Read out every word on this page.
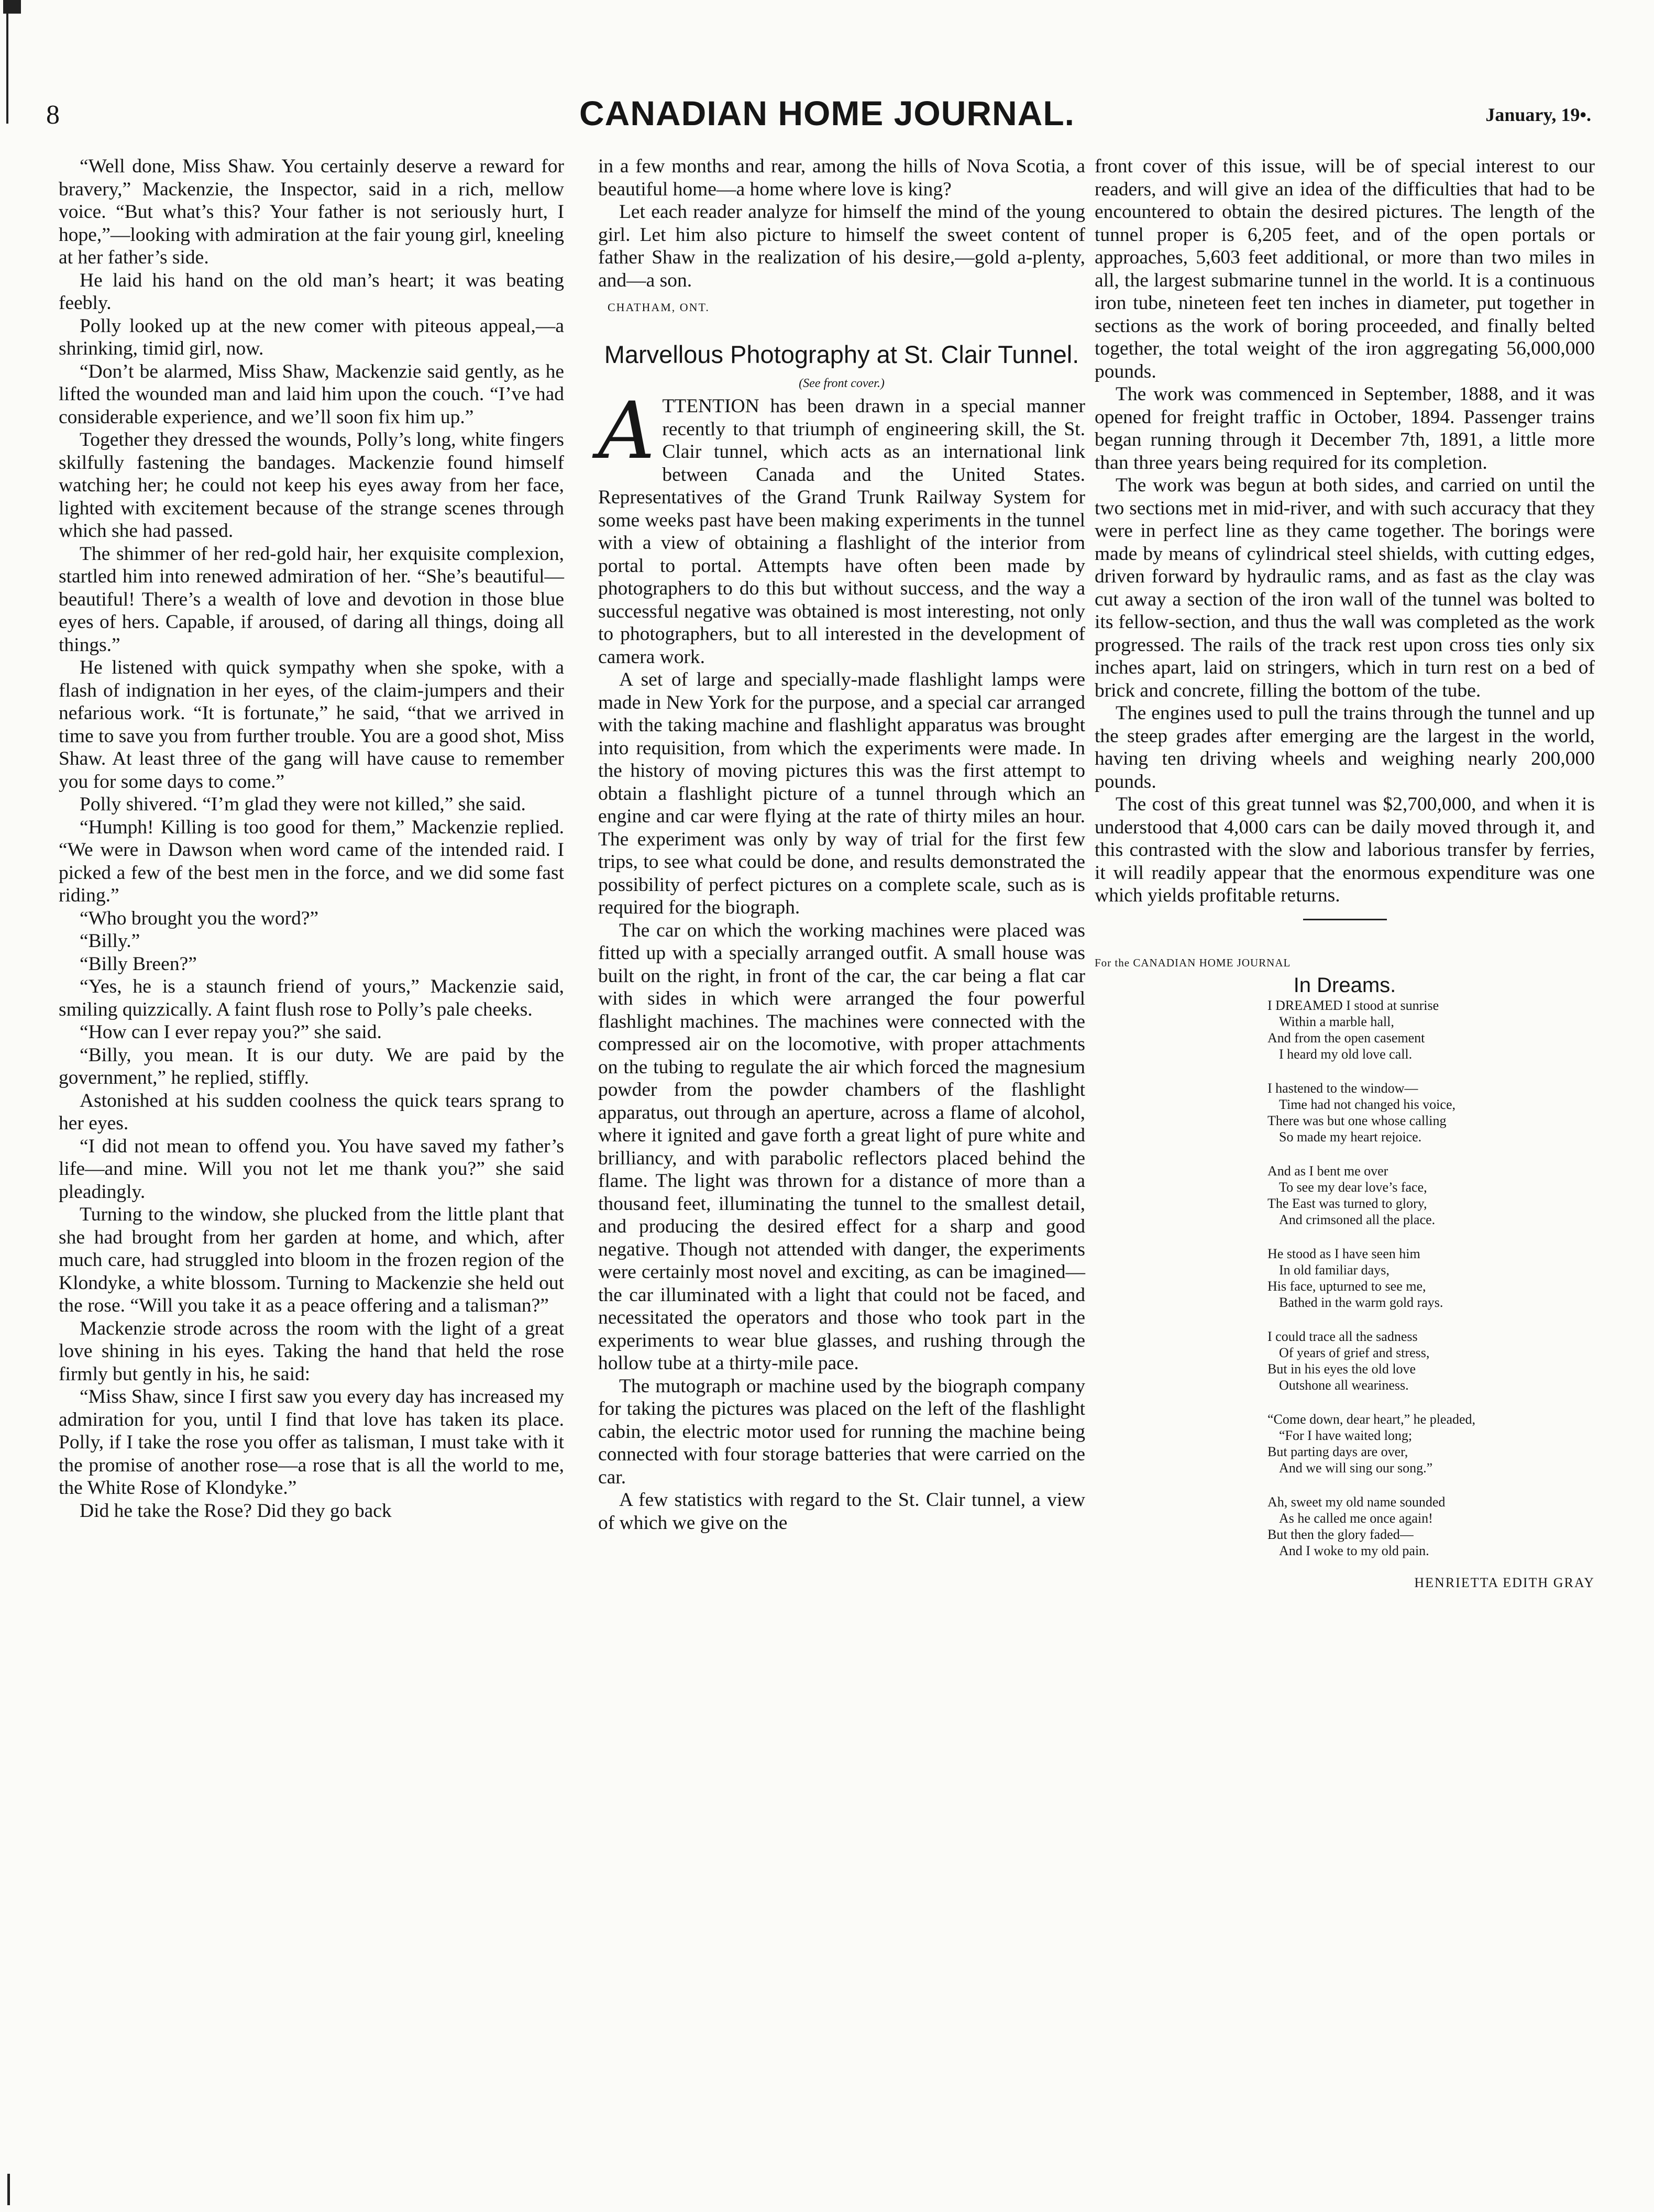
8	CANADIAN HOME JOURNAL.	January, 19•.

“Well done, Miss Shaw. You certainly deserve a reward for bravery,” Mackenzie, the Inspector, said in a rich, mellow voice. “But what’s this? Your father is not seriously hurt, I hope,”—looking with admiration at the fair young girl, kneeling at her father’s side.

He laid his hand on the old man’s heart; it was beating feebly.

Polly looked up at the new comer with piteous appeal,—a shrinking, timid girl, now.

“Don’t be alarmed, Miss Shaw, Mackenzie said gently, as he lifted the wounded man and laid him upon the couch. “I’ve had considerable experience, and we’ll soon fix him up.”

Together they dressed the wounds, Polly’s long, white fingers skilfully fastening the bandages. Mackenzie found himself watching her; he could not keep his eyes away from her face, lighted with excitement because of the strange scenes through which she had passed.

The shimmer of her red-gold hair, her exquisite complexion, startled him into renewed admiration of her. “She’s beautiful—beautiful! There’s a wealth of love and devotion in those blue eyes of hers. Capable, if aroused, of daring all things, doing all things.”

He listened with quick sympathy when she spoke, with a flash of indignation in her eyes, of the claim-jumpers and their nefarious work. “It is fortunate,” he said, “that we arrived in time to save you from further trouble. You are a good shot, Miss Shaw. At least three of the gang will have cause to remember you for some days to come.”

Polly shivered. “I’m glad they were not killed,” she said.

“Humph! Killing is too good for them,” Mackenzie replied. “We were in Dawson when word came of the intended raid. I picked a few of the best men in the force, and we did some fast riding.”

“Who brought you the word?”

“Billy.”

“Billy Breen?”

“Yes, he is a staunch friend of yours,” Mackenzie said, smiling quizzically. A faint flush rose to Polly’s pale cheeks.

“How can I ever repay you?” she said.

“Billy, you mean. It is our duty. We are paid by the government,” he replied, stiffly.

Astonished at his sudden coolness the quick tears sprang to her eyes.

“I did not mean to offend you. You have saved my father’s life—and mine. Will you not let me thank you?” she said pleadingly.

Turning to the window, she plucked from the little plant that she had brought from her garden at home, and which, after much care, had struggled into bloom in the frozen region of the Klondyke, a white blossom. Turning to Mackenzie she held out the rose. “Will you take it as a peace offering and a talisman?”

Mackenzie strode across the room with the light of a great love shining in his eyes. Taking the hand that held the rose firmly but gently in his, he said:

“Miss Shaw, since I first saw you every day has increased my admiration for you, until I find that love has taken its place. Polly, if I take the rose you offer as talisman, I must take with it the promise of another rose—a rose that is all the world to me, the White Rose of Klondyke.”

Did he take the Rose? Did they go back

in a few months and rear, among the hills of Nova Scotia, a beautiful home—a home where love is king?

Let each reader analyze for himself the mind of the young girl. Let him also picture to himself the sweet content of father Shaw in the realization of his desire,—gold a-plenty, and—a son.

CHATHAM, ONT.
Marvellous Photography at St. Clair Tunnel.

(See front cover.)

ATTENTION has been drawn in a special manner recently to that triumph of engineering skill, the St. Clair tunnel, which acts as an international link between Canada and the United States. Representatives of the Grand Trunk Railway System for some weeks past have been making experiments in the tunnel with a view of obtaining a flashlight of the interior from portal to portal. Attempts have often been made by photographers to do this but without success, and the way a successful negative was obtained is most interesting, not only to photographers, but to all interested in the development of camera work.

A set of large and specially-made flashlight lamps were made in New York for the purpose, and a special car arranged with the taking machine and flashlight apparatus was brought into requisition, from which the experiments were made. In the history of moving pictures this was the first attempt to obtain a flashlight picture of a tunnel through which an engine and car were flying at the rate of thirty miles an hour. The experiment was only by way of trial for the first few trips, to see what could be done, and results demonstrated the possibility of perfect pictures on a complete scale, such as is required for the biograph.

The car on which the working machines were placed was fitted up with a specially arranged outfit. A small house was built on the right, in front of the car, the car being a flat car with sides in which were arranged the four powerful flashlight machines. The machines were connected with the compressed air on the locomotive, with proper attachments on the tubing to regulate the air which forced the magnesium powder from the powder chambers of the flashlight apparatus, out through an aperture, across a flame of alcohol, where it ignited and gave forth a great light of pure white and brilliancy, and with parabolic reflectors placed behind the flame. The light was thrown for a distance of more than a thousand feet, illuminating the tunnel to the smallest detail, and producing the desired effect for a sharp and good negative. Though not attended with danger, the experiments were certainly most novel and exciting, as can be imagined—the car illuminated with a light that could not be faced, and necessitated the operators and those who took part in the experiments to wear blue glasses, and rushing through the hollow tube at a thirty-mile pace.

The mutograph or machine used by the biograph company for taking the pictures was placed on the left of the flashlight cabin, the electric motor used for running the machine being connected with four storage batteries that were carried on the car.

A few statistics with regard to the St. Clair tunnel, a view of which we give on the

front cover of this issue, will be of special interest to our readers, and will give an idea of the difficulties that had to be encountered to obtain the desired pictures. The length of the tunnel proper is 6,205 feet, and of the open portals or approaches, 5,603 feet additional, or more than two miles in all, the largest submarine tunnel in the world. It is a continuous iron tube, nineteen feet ten inches in diameter, put together in sections as the work of boring proceeded, and finally belted together, the total weight of the iron aggregating 56,000,000 pounds.

The work was commenced in September, 1888, and it was opened for freight traffic in October, 1894. Passenger trains began running through it December 7th, 1891, a little more than three years being required for its completion.

The work was begun at both sides, and carried on until the two sections met in mid-river, and with such accuracy that they were in perfect line as they came together. The borings were made by means of cylindrical steel shields, with cutting edges, driven forward by hydraulic rams, and as fast as the clay was cut away a section of the iron wall of the tunnel was bolted to its fellow-section, and thus the wall was completed as the work progressed. The rails of the track rest upon cross ties only six inches apart, laid on stringers, which in turn rest on a bed of brick and concrete, filling the bottom of the tube.

The engines used to pull the trains through the tunnel and up the steep grades after emerging are the largest in the world, having ten driving wheels and weighing nearly 200,000 pounds.

The cost of this great tunnel was $2,700,000, and when it is understood that 4,000 cars can be daily moved through it, and this contrasted with the slow and laborious transfer by ferries, it will readily appear that the enormous expenditure was one which yields profitable returns.

For the CANADIAN HOME JOURNAL

In Dreams.

I DREAMED I stood at sunrise
Within a marble hall,
And from the open casement
I heard my old love call.
I hastened to the window—
Time had not changed his voice,
There was but one whose calling
So made my heart rejoice.
And as I bent me over
To see my dear love’s face,
The East was turned to glory,
And crimsoned all the place.
He stood as I have seen him
In old familiar days,
His face, upturned to see me,
Bathed in the warm gold rays.
I could trace all the sadness
Of years of grief and stress,
But in his eyes the old love
Outshone all weariness.
“Come down, dear heart,” he pleaded,
“For I have waited long;
But parting days are over,
And we will sing our song.”
Ah, sweet my old name sounded
As he called me once again!
But then the glory faded—
And I woke to my old pain.
HENRIETTA EDITH GRAY
